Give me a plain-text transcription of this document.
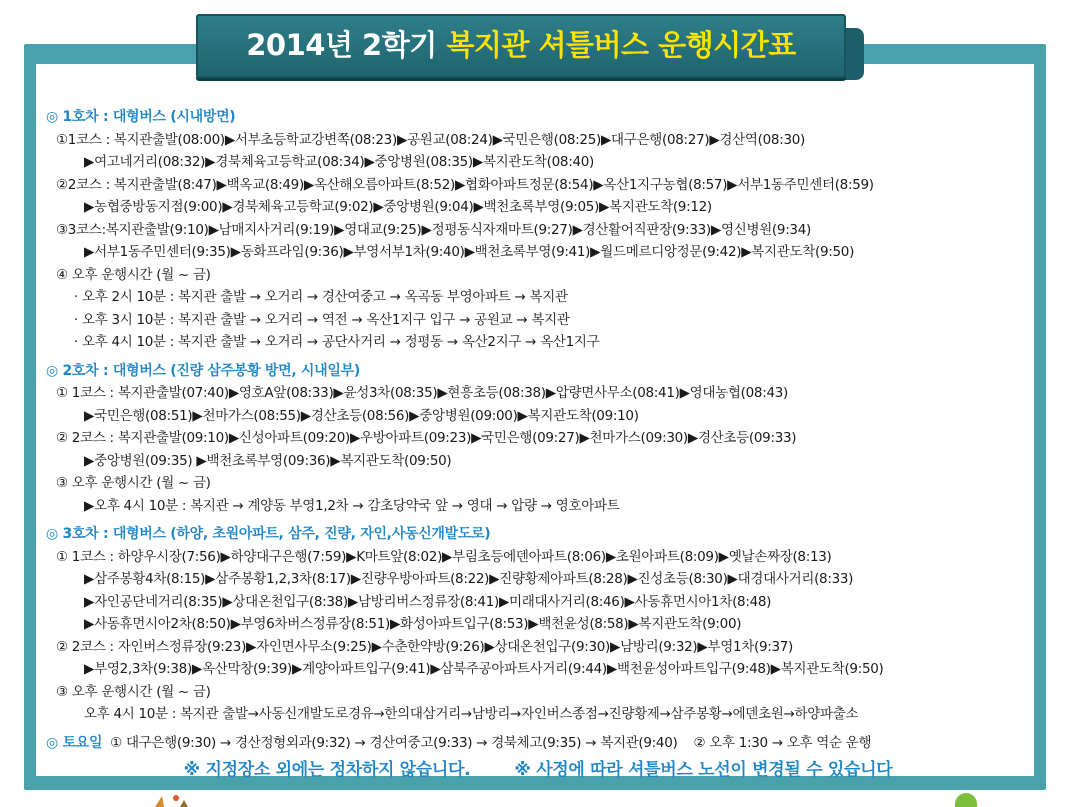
2014년 2학기 복지관 셔틀버스 운행시간표
◎ 1호차 : 대형버스 (시내방면)
①1코스 : 복지관출발(08:00)▶서부초등학교강변쪽(08:23)▶공원교(08:24)▶국민은행(08:25)▶대구은행(08:27)▶경산역(08:30)
▶여고네거리(08:32)▶경북체육고등학교(08:34)▶중앙병원(08:35)▶복지관도착(08:40)
②2코스 : 복지관출발(8:47)▶백옥교(8:49)▶옥산해오름아파트(8:52)▶협화아파트정문(8:54)▶옥산1지구농협(8:57)▶서부1동주민센터(8:59)
▶농협중방동지점(9:00)▶경북체육고등학교(9:02)▶중앙병원(9:04)▶백천초록부영(9:05)▶복지관도착(9:12)
③3코스:복지관출발(9:10)▶남매지사거리(9:19)▶영대교(9:25)▶정평동식자재마트(9:27)▶경산활어직판장(9:33)▶영신병원(9:34)
▶서부1동주민센터(9:35)▶동화프라임(9:36)▶부영서부1차(9:40)▶백천초록부영(9:41)▶월드메르디앙정문(9:42)▶복지관도착(9:50)
④ 오후 운행시간 (월 ~ 금)
· 오후 2시 10분 : 복지관 출발 → 오거리 → 경산여중고 → 옥곡동 부영아파트 → 복지관
· 오후 3시 10분 : 복지관 출발 → 오거리 → 역전 → 옥산1지구 입구 → 공원교 → 복지관
· 오후 4시 10분 : 복지관 출발 → 오거리 → 공단사거리 → 정평동 → 옥산2지구 → 옥산1지구
◎ 2호차 : 대형버스 (진량 삼주봉황 방면, 시내일부)
① 1코스 : 복지관출발(07:40)▶영호A앞(08:33)▶윤성3차(08:35)▶현흥초등(08:38)▶압량면사무소(08:41)▶영대농협(08:43)
▶국민은행(08:51)▶천마가스(08:55)▶경산초등(08:56)▶중앙병원(09:00)▶복지관도착(09:10)
② 2코스 : 복지관출발(09:10)▶신성아파트(09:20)▶우방아파트(09:23)▶국민은행(09:27)▶천마가스(09:30)▶경산초등(09:33)
▶중앙병원(09:35) ▶백천초록부영(09:36)▶복지관도착(09:50)
③ 오후 운행시간 (월 ~ 금)
▶오후 4시 10분 : 복지관 → 계양동 부영1,2차 → 감초당약국 앞 → 영대 → 압량 → 영호아파트
◎ 3호차 : 대형버스 (하양, 초원아파트, 삼주, 진량, 자인,사동신개발도로)
① 1코스 : 하양우시장(7:56)▶하양대구은행(7:59)▶K마트앞(8:02)▶부림초등에덴아파트(8:06)▶초원아파트(8:09)▶옛날손짜장(8:13)
▶삼주봉황4차(8:15)▶삼주봉황1,2,3차(8:17)▶진량우방아파트(8:22)▶진량황제아파트(8:28)▶진성초등(8:30)▶대경대사거리(8:33)
▶자인공단네거리(8:35)▶상대온천입구(8:38)▶남방리버스정류장(8:41)▶미래대사거리(8:46)▶사동휴먼시아1차(8:48)
▶사동휴먼시아2차(8:50)▶부영6차버스정류장(8:51)▶화성아파트입구(8:53)▶백천윤성(8:58)▶복지관도착(9:00)
② 2코스 : 자인버스정류장(9:23)▶자인면사무소(9:25)▶수춘한약방(9:26)▶상대온천입구(9:30)▶남방리(9:32)▶부영1차(9:37)
▶부영2,3차(9:38)▶옥산막창(9:39)▶계양아파트입구(9:41)▶삼북주공아파트사거리(9:44)▶백천윤성아파트입구(9:48)▶복지관도착(9:50)
③ 오후 운행시간 (월 ~ 금)
오후 4시 10분 : 복지관 출발→사동신개발도로경유→한의대삼거리→남방리→자인버스종점→진량황제→삼주봉황→에덴초원→하양파출소
◎ 토요일  ① 대구은행(9:30) → 경산정형외과(9:32) → 경산여중고(9:33) → 경북체고(9:35) → 복지관(9:40)    ② 오후 1:30 → 오후 역순 운행
※ 지정장소 외에는 정차하지 않습니다.	※ 사정에 따라 셔틀버스 노선이 변경될 수 있습니다
